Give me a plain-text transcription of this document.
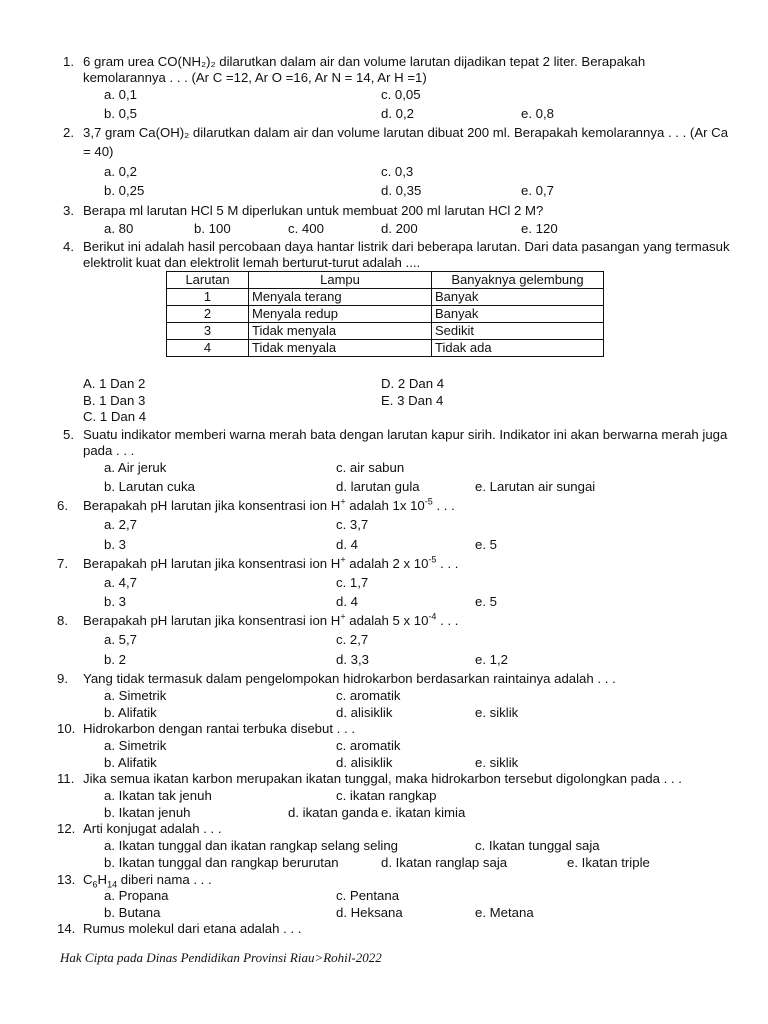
1. 6 gram urea CO(NH₂)₂ dilarutkan dalam air dan volume larutan dijadikan tepat 2 liter. Berapakah
kemolarannya . . . (Ar C =12, Ar O =16, Ar N = 14, Ar H =1)
a. 0,1	c. 0,05
b. 0,5	d. 0,2	e. 0,8
2. 3,7 gram Ca(OH)₂ dilarutkan dalam air dan volume larutan dibuat 200 ml. Berapakah kemolarannya . . . (Ar Ca
= 40)
a. 0,2	c. 0,3
b. 0,25	d. 0,35	e. 0,7
3. Berapa ml larutan HCl 5 M diperlukan untuk membuat 200 ml larutan HCl 2 M?
a. 80	b. 100	c. 400	d. 200	e. 120
4. Berikut ini adalah hasil percobaan daya hantar listrik dari beberapa larutan. Dari data pasangan yang termasuk
elektrolit kuat dan elektrolit lemah berturut-turut adalah ....
Larutan	Lampu	Banyaknya gelembung
1	Menyala terang	Banyak
2	Menyala redup	Banyak
3	Tidak menyala	Sedikit
4	Tidak menyala	Tidak ada
A. 1 Dan 2	D. 2 Dan 4
B. 1 Dan 3	E. 3 Dan 4
C. 1 Dan 4
5. Suatu indikator memberi warna merah bata dengan larutan kapur sirih. Indikator ini akan berwarna merah juga
pada . . .
a. Air jeruk	c. air sabun
b. Larutan cuka	d. larutan gula	e. Larutan air sungai
6. Berapakah pH larutan jika konsentrasi ion H+ adalah 1x $10^{-5}$ . . .
a. 2,7	c. 3,7
b. 3	d. 4	e. 5
7. Berapakah pH larutan jika konsentrasi ion H+ adalah 2 x $10^{-5}$ . . .
a. 4,7	c. 1,7
b. 3	d. 4	e. 5
8. Berapakah pH larutan jika konsentrasi ion H+ adalah 5 x $10^{-4}$ . . .
a. 5,7	c. 2,7
b. 2	d. 3,3	e. 1,2
9. Yang tidak termasuk dalam pengelompokan hidrokarbon berdasarkan raintainya adalah . . .
a. Simetrik	c. aromatik
b. Alifatik	d. alisiklik	e. siklik
10. Hidrokarbon dengan rantai terbuka disebut . . .
a. Simetrik	c. aromatik
b. Alifatik	d. alisiklik	e. siklik
11. Jika semua ikatan karbon merupakan ikatan tunggal, maka hidrokarbon tersebut digolongkan pada . . .
a. Ikatan tak jenuh	c. ikatan rangkap
b. Ikatan jenuh	d. ikatan ganda e. ikatan kimia
12. Arti konjugat adalah . . .
a. Ikatan tunggal dan ikatan rangkap selang seling	c. Ikatan tunggal saja
b. Ikatan tunggal dan rangkap berurutan	d. Ikatan ranglap saja	e. Ikatan triple
13. $C_6H_{14}$ diberi nama . . .
a. Propana	c. Pentana
b. Butana	d. Heksana	e. Metana
14. Rumus molekul dari etana adalah . . .
Hak Cipta pada Dinas Pendidikan Provinsi Riau>Rohil-2022
